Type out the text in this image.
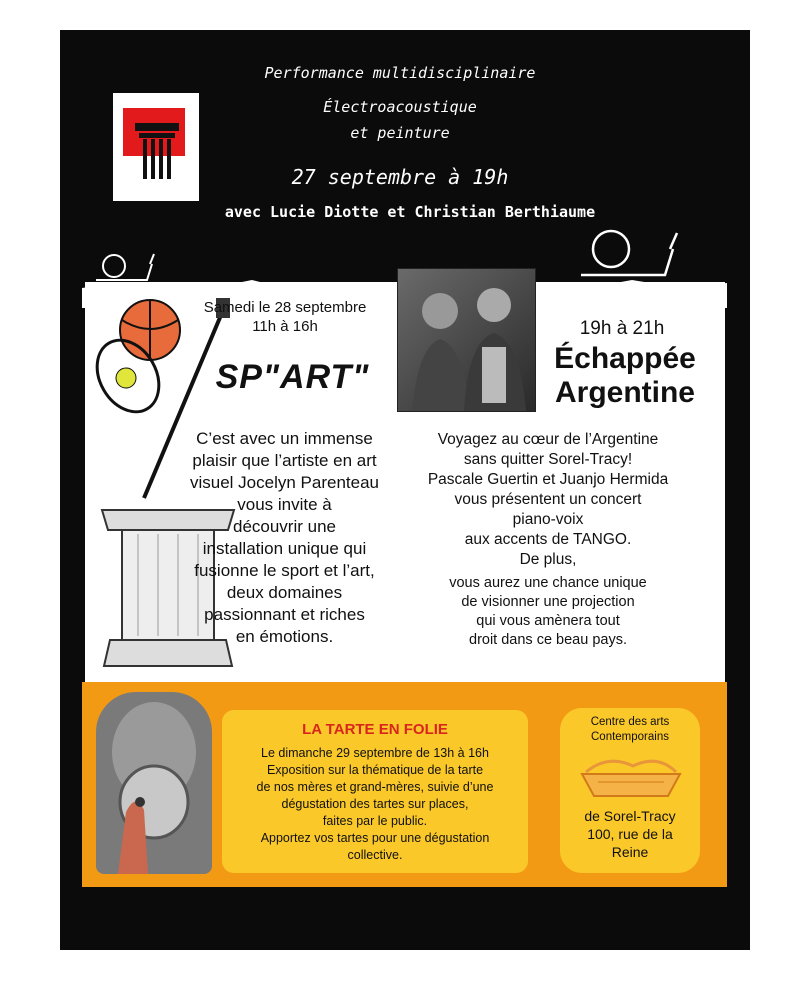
Performance multidisciplinaire
Électroacoustique
et peinture
27 septembre à 19h
avec Lucie Diotte et Christian Berthiaume
Samedi le 28 septembre
11h à 16h
SP"ART"
C’est avec un immense
plaisir que l’artiste en art
visuel Jocelyn Parenteau
vous invite à
découvrir une
installation unique qui
fusionne le sport et l’art,
deux domaines
passionnant et riches
en émotions.
19h à 21h
Échappée
Argentine
Voyagez au cœur de l’Argentine
sans quitter Sorel-Tracy!
Pascale Guertin et Juanjo Hermida
vous présentent un concert
piano-voix
aux accents de TANGO.
De plus,
vous aurez une chance unique
de visionner une projection
qui vous amènera tout
droit dans ce beau pays.
LA TARTE EN FOLIE
Le dimanche 29 septembre de 13h à 16h
Exposition sur la thématique de la tarte
de nos mères et grand-mères, suivie d’une
dégustation des tartes sur places,
faites par le public.
Apportez vos tartes pour une dégustation
collective.
Centre des arts
Contemporains
de Sorel-Tracy
100, rue de la
Reine
